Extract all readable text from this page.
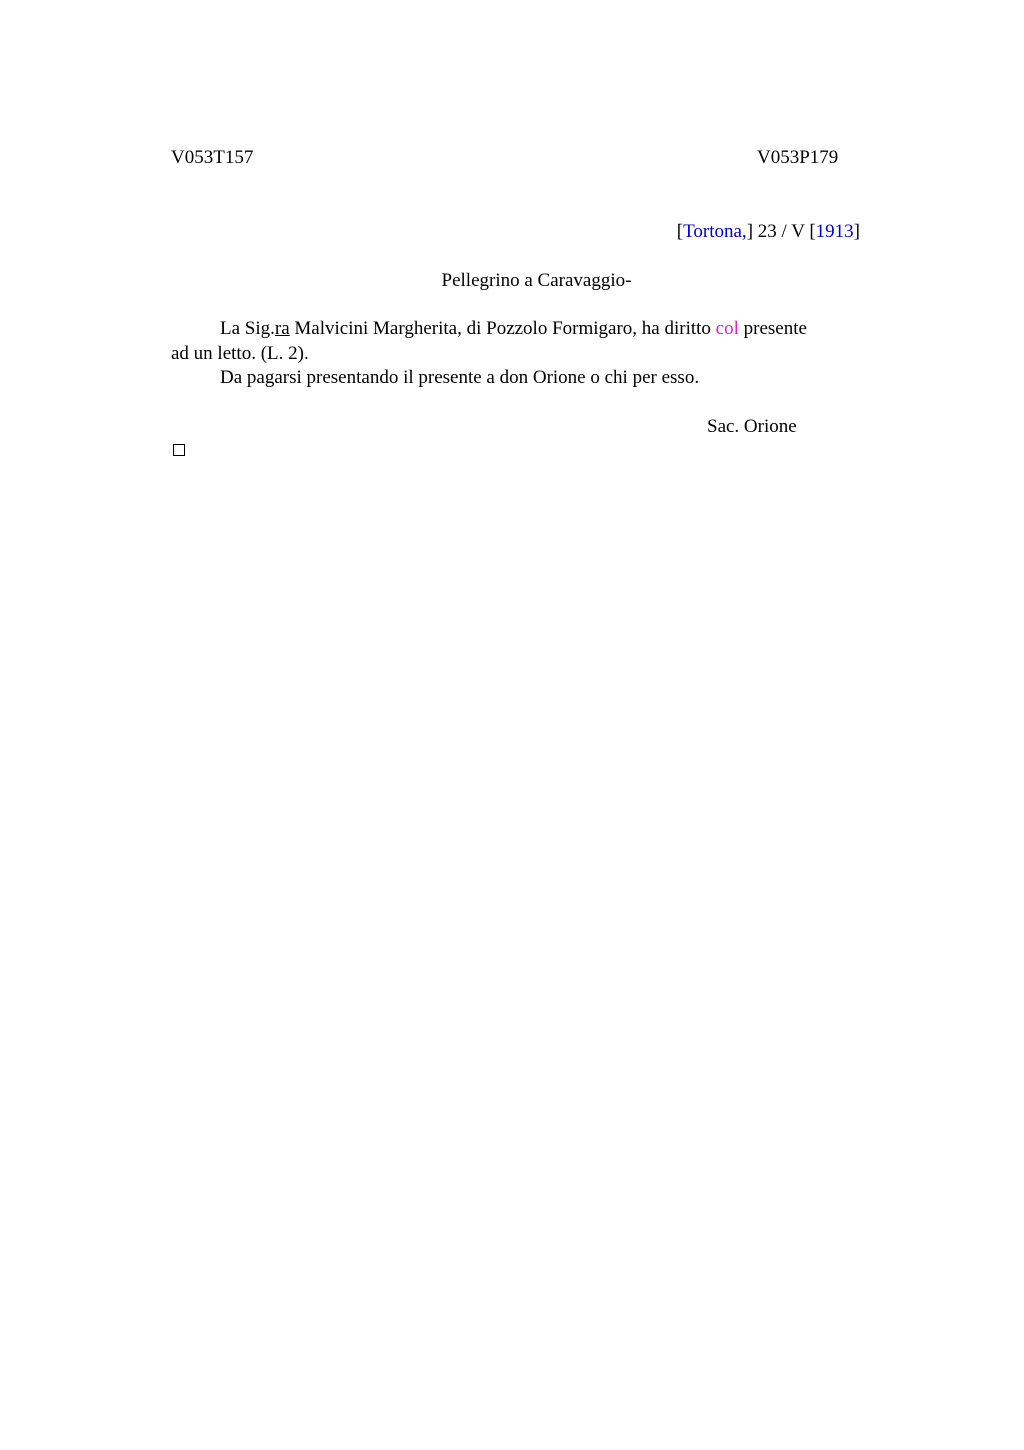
V053T157	V053P179
[Tortona,] 23 / V [1913]
Pellegrino a Caravaggio-
La Sig.ra Malvicini Margherita, di Pozzolo Formigaro, ha diritto col presente
ad un letto. (L. 2).
Da pagarsi presentando il presente a don Orione o chi per esso.
Sac. Orione
